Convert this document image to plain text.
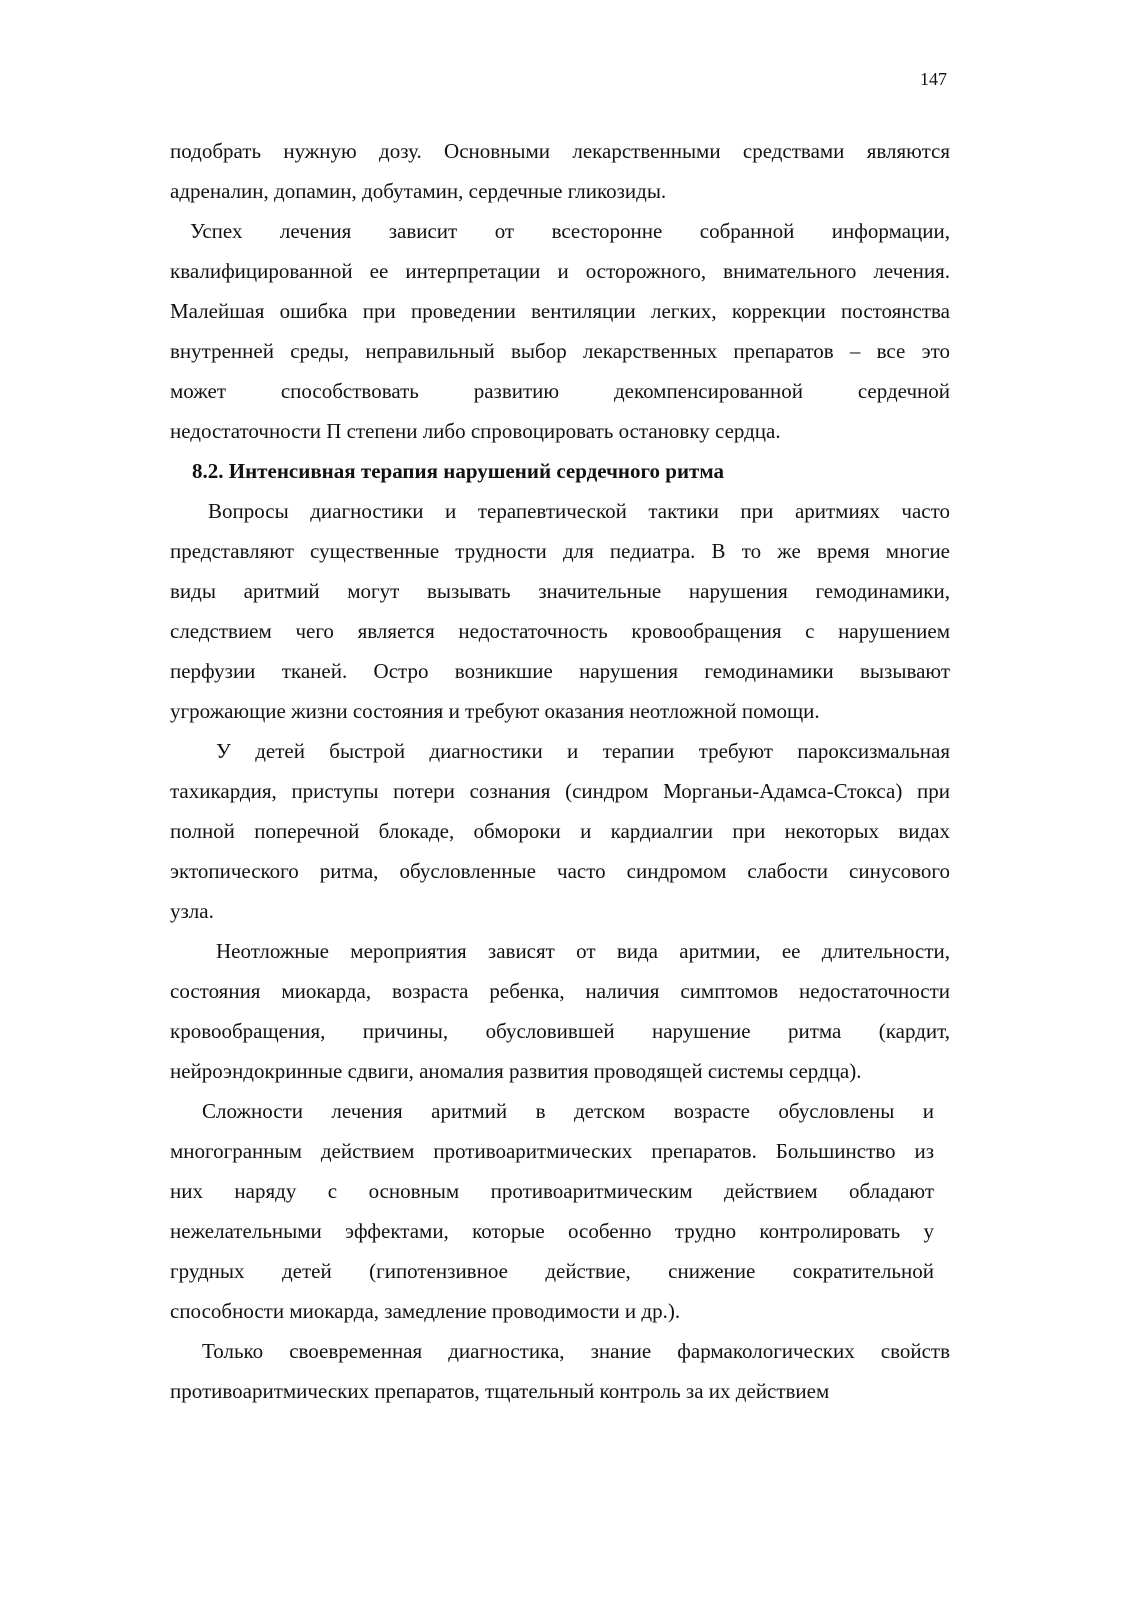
147
подобрать нужную дозу. Основными лекарственными средствами являются
адреналин, допамин, добутамин, сердечные гликозиды.
Успех лечения зависит от всесторонне собранной информации,
квалифицированной ее интерпретации и осторожного, внимательного лечения.
Малейшая ошибка при проведении вентиляции легких, коррекции постоянства
внутренней среды, неправильный выбор лекарственных препаратов – все это
может способствовать развитию декомпенсированной сердечной
недостаточности П степени либо спровоцировать остановку сердца.
8.2. Интенсивная терапия нарушений сердечного ритма
Вопросы диагностики и терапевтической тактики при аритмиях часто
представляют существенные трудности для педиатра. В то же время многие
виды аритмий могут вызывать значительные нарушения гемодинамики,
следствием чего является недостаточность кровообращения с нарушением
перфузии тканей. Остро возникшие нарушения гемодинамики вызывают
угрожающие жизни состояния и требуют оказания неотложной помощи.
У детей быстрой диагностики и терапии требуют пароксизмальная
тахикардия, приступы потери сознания (синдром Морганьи-Адамса-Стокса) при
полной поперечной блокаде, обмороки и кардиалгии при некоторых видах
эктопического ритма, обусловленные часто синдромом слабости синусового
узла.
Неотложные мероприятия зависят от вида аритмии, ее длительности,
состояния миокарда, возраста ребенка, наличия симптомов недостаточности
кровообращения, причины, обусловившей нарушение ритма (кардит,
нейроэндокринные сдвиги, аномалия развития проводящей системы сердца).
Сложности лечения аритмий в детском возрасте обусловлены и
многогранным действием противоаритмических препаратов. Большинство из
них наряду с основным противоаритмическим действием обладают
нежелательными эффектами, которые особенно трудно контролировать у
грудных детей (гипотензивное действие, снижение сократительной
способности миокарда, замедление проводимости и др.).
Только своевременная диагностика, знание фармакологических свойств
противоаритмических препаратов, тщательный контроль за их действием
